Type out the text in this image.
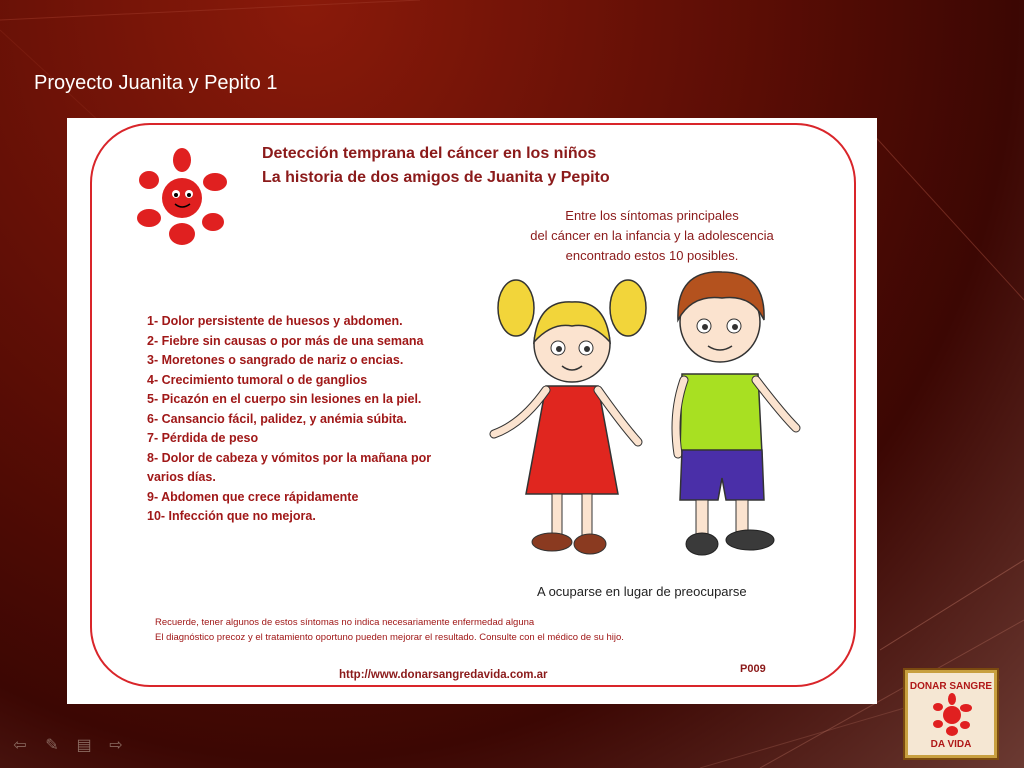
Proyecto Juanita y Pepito 1
Detección temprana del cáncer en los niños
La historia de dos amigos de Juanita y Pepito
Entre los síntomas principales
del cáncer en la infancia y la adolescencia
encontrado estos 10 posibles.
1- Dolor persistente de huesos y abdomen.
2- Fiebre sin causas o por más de una semana
3- Moretones o sangrado de nariz o encias.
4- Crecimiento tumoral o de ganglios
5- Picazón en el cuerpo sin lesiones en la piel.
6- Cansancio fácil, palidez, y anémia súbita.
7- Pérdida de peso
8- Dolor de cabeza y vómitos por la mañana por
varios días.
9- Abdomen que crece rápidamente
10- Infección que no mejora.
A ocuparse en lugar de preocuparse
Recuerde, tener algunos de estos síntomas no indica necesariamente enfermedad alguna
El diagnóstico precoz y el tratamiento oportuno pueden mejorar el resultado. Consulte con el médico de su hijo.
http://www.donarsangredavida.com.ar	P009
DONAR SANGRE
DA VIDA
⇦	✎	▤	⇨
